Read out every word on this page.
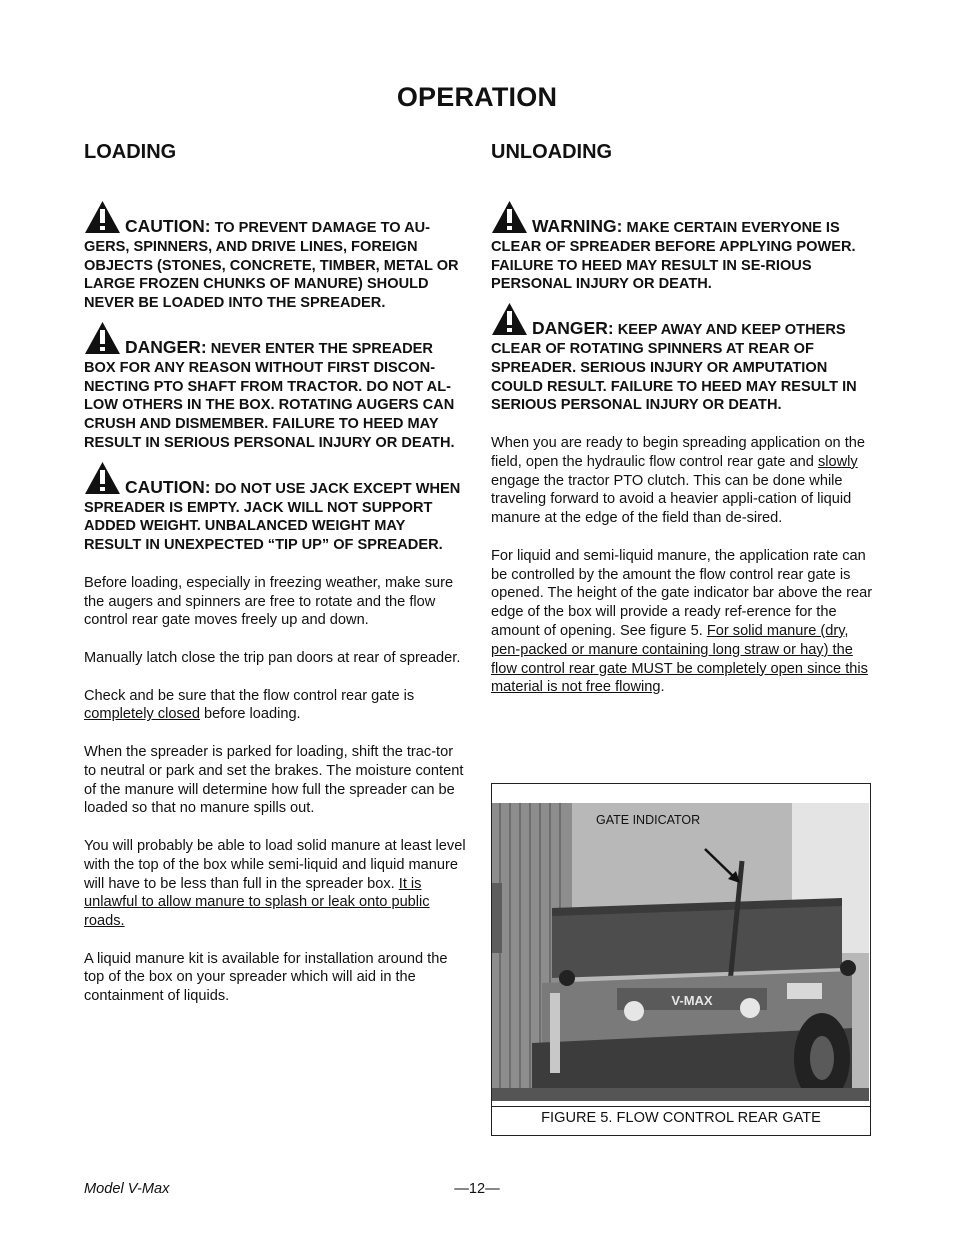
OPERATION
LOADING

CAUTION: TO PREVENT DAMAGE TO AU-GERS, SPINNERS, AND DRIVE LINES, FOREIGN OBJECTS (STONES, CONCRETE, TIMBER, METAL OR LARGE FROZEN CHUNKS OF MANURE) SHOULD NEVER BE LOADED INTO THE SPREADER.

DANGER: NEVER ENTER THE SPREADER BOX FOR ANY REASON WITHOUT FIRST DISCON-NECTING PTO SHAFT FROM TRACTOR. DO NOT AL-LOW OTHERS IN THE BOX. ROTATING AUGERS CAN CRUSH AND DISMEMBER. FAILURE TO HEED MAY RESULT IN SERIOUS PERSONAL INJURY OR DEATH.

CAUTION: DO NOT USE JACK EXCEPT WHEN SPREADER IS EMPTY. JACK WILL NOT SUPPORT ADDED WEIGHT. UNBALANCED WEIGHT MAY RESULT IN UNEXPECTED “TIP UP” OF SPREADER.

Before loading, especially in freezing weather, make sure the augers and spinners are free to rotate and the flow control rear gate moves freely up and down.

Manually latch close the trip pan doors at rear of spreader.

Check and be sure that the flow control rear gate is completely closed before loading.

When the spreader is parked for loading, shift the trac-tor to neutral or park and set the brakes. The moisture content of the manure will determine how full the spreader can be loaded so that no manure spills out.

You will probably be able to load solid manure at least level with the top of the box while semi-liquid and liquid manure will have to be less than full in the spreader box. It is unlawful to allow manure to splash or leak onto public roads.

A liquid manure kit is available for installation around the top of the box on your spreader which will aid in the containment of liquids.

UNLOADING

WARNING: MAKE CERTAIN EVERYONE IS CLEAR OF SPREADER BEFORE APPLYING POWER. FAILURE TO HEED MAY RESULT IN SE-RIOUS PERSONAL INJURY OR DEATH.

DANGER: KEEP AWAY AND KEEP OTHERS CLEAR OF ROTATING SPINNERS AT REAR OF SPREADER. SERIOUS INJURY OR AMPUTATION COULD RESULT. FAILURE TO HEED MAY RESULT IN SERIOUS PERSONAL INJURY OR DEATH.

When you are ready to begin spreading application on the field, open the hydraulic flow control rear gate and slowly engage the tractor PTO clutch. This can be done while traveling forward to avoid a heavier appli-cation of liquid manure at the edge of the field than de-sired.

For liquid and semi-liquid manure, the application rate can be controlled by the amount the flow control rear gate is opened. The height of the gate indicator bar above the rear edge of the box will provide a ready ref-erence for the amount of opening. See figure 5. For solid manure (dry, pen-packed or manure containing long straw or hay) the flow control rear gate MUST be completely open since this material is not free flowing.

V-MAX
GATE INDICATOR
FIGURE 5. FLOW CONTROL REAR GATE
Model V-Max	—12—
